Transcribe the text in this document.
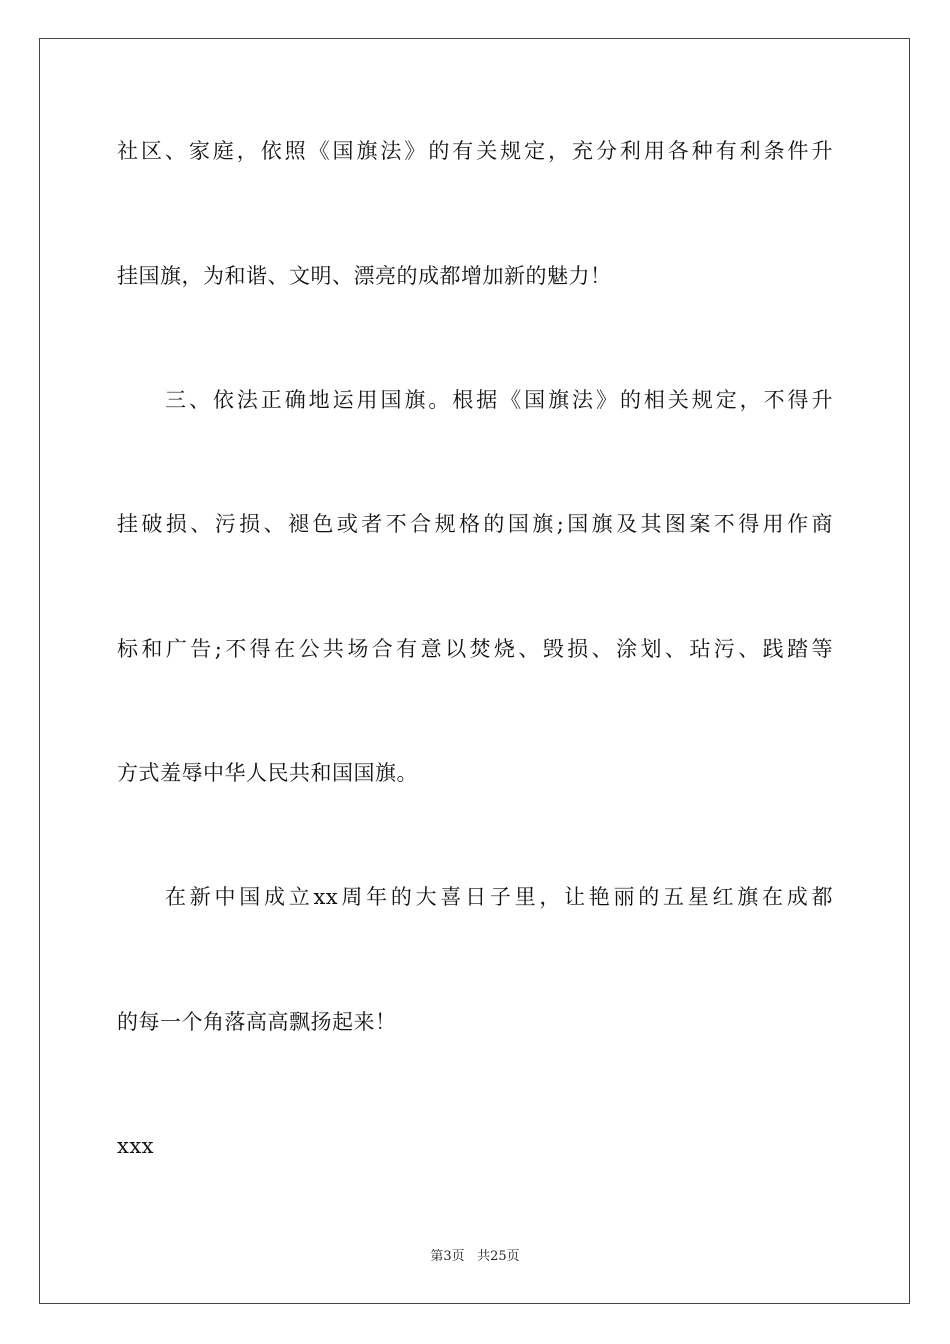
社区、家庭，依照《国旗法》的有关规定，充分利用各种有利条件升
挂国旗，为和谐、文明、漂亮的成都增加新的魅力！
三、依法正确地运用国旗。根据《国旗法》的相关规定，不得升
挂破损、污损、褪色或者不合规格的国旗;国旗及其图案不得用作商
标和广告;不得在公共场合有意以焚烧、毁损、涂划、玷污、践踏等
方式羞辱中华人民共和国国旗。
在新中国成立xx周年的大喜日子里，让艳丽的五星红旗在成都
的每一个角落高高飘扬起来！
xxx
第3页 共25页
